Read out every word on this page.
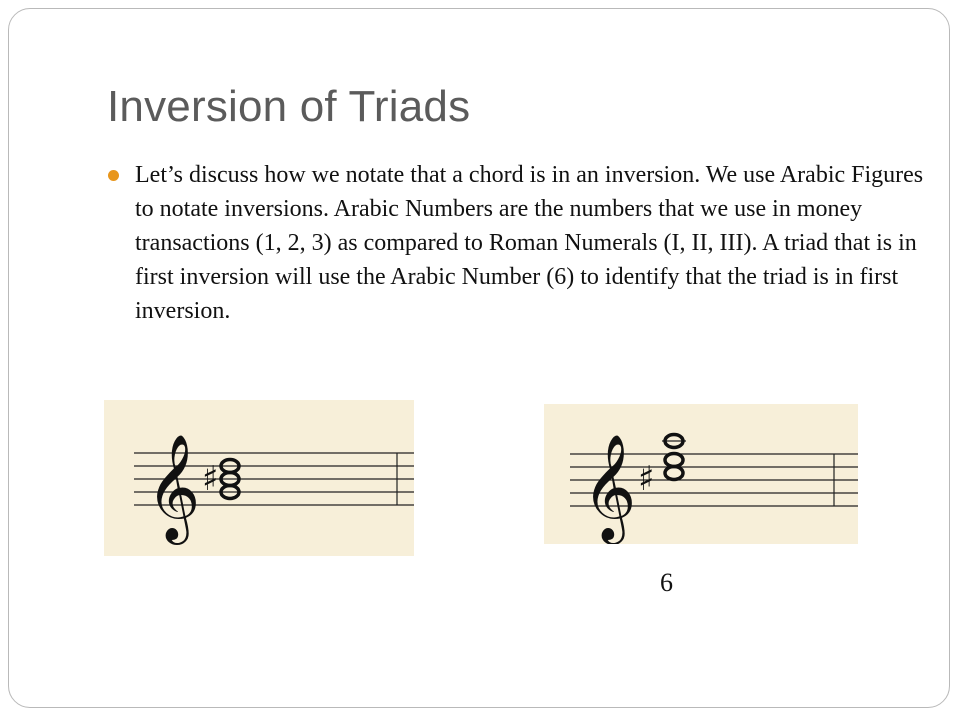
Inversion of Triads

Let’s discuss how we notate that a chord is in an inversion. We use Arabic Figures to notate inversions. Arabic Numbers are the numbers that we use in money transactions (1, 2, 3) as compared to Roman Numerals (I, II, III). A triad that is in first inversion will use the Arabic Number (6) to identify that the triad is in first inversion.

𝄞 ♯	𝄞 ♯
6
